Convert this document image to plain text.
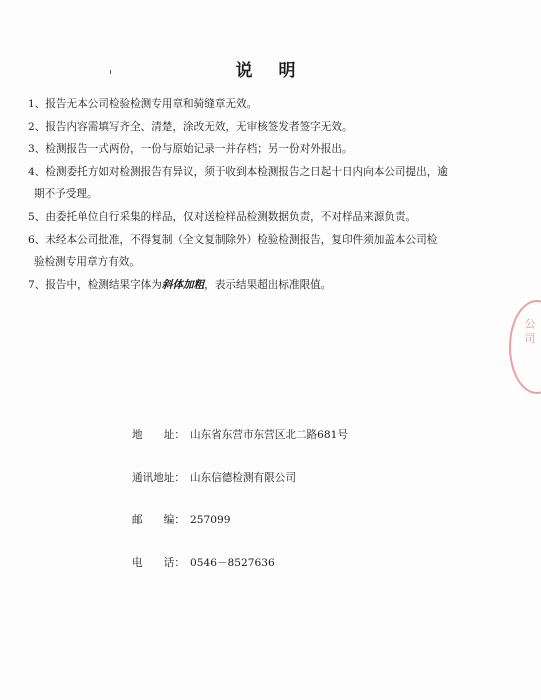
说 明

1、报告无本公司检验检测专用章和骑缝章无效。

2、报告内容需填写齐全、清楚，涂改无效，无审核签发者签字无效。

3、检测报告一式两份，一份与原始记录一并存档；另一份对外报出。

4、检测委托方如对检测报告有异议，须于收到本检测报告之日起十日内向本公司提出，逾
期不予受理。

5、由委托单位自行采集的样品，仅对送检样品检测数据负责，不对样品来源负责。

6、未经本公司批准，不得复制（全文复制除外）检验检测报告，复印件须加盖本公司检
验检测专用章方有效。

7、报告中，检测结果字体为斜体加粗，表示结果超出标准限值。

地　　址： 山东省东营市东营区北二路681号
通讯地址： 山东信德检测有限公司
邮　　编： 257099
电　　话： 0546－8527636
公 司
